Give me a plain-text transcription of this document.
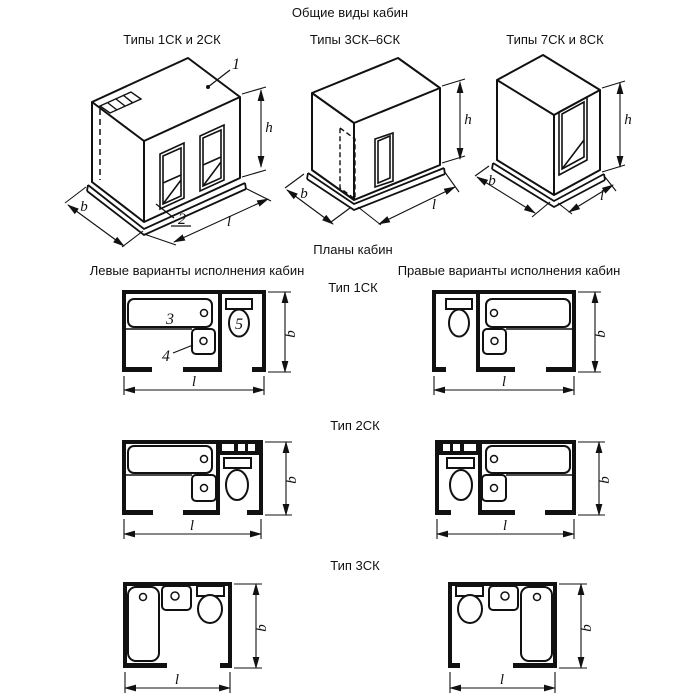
Общие виды кабин
Типы 1СК и 2СК	Типы 3СК–6СК	Типы 7СК и 8СК
Планы кабин
Левые варианты исполнения кабин	Правые варианты исполнения кабин
Тип 1СК
Тип 2СК
Тип 3СК
1
2
h
b
l
h
b
l
h
b
l
3	5
4
b
l
b
l
b
l
b
l
b
l
b
l
